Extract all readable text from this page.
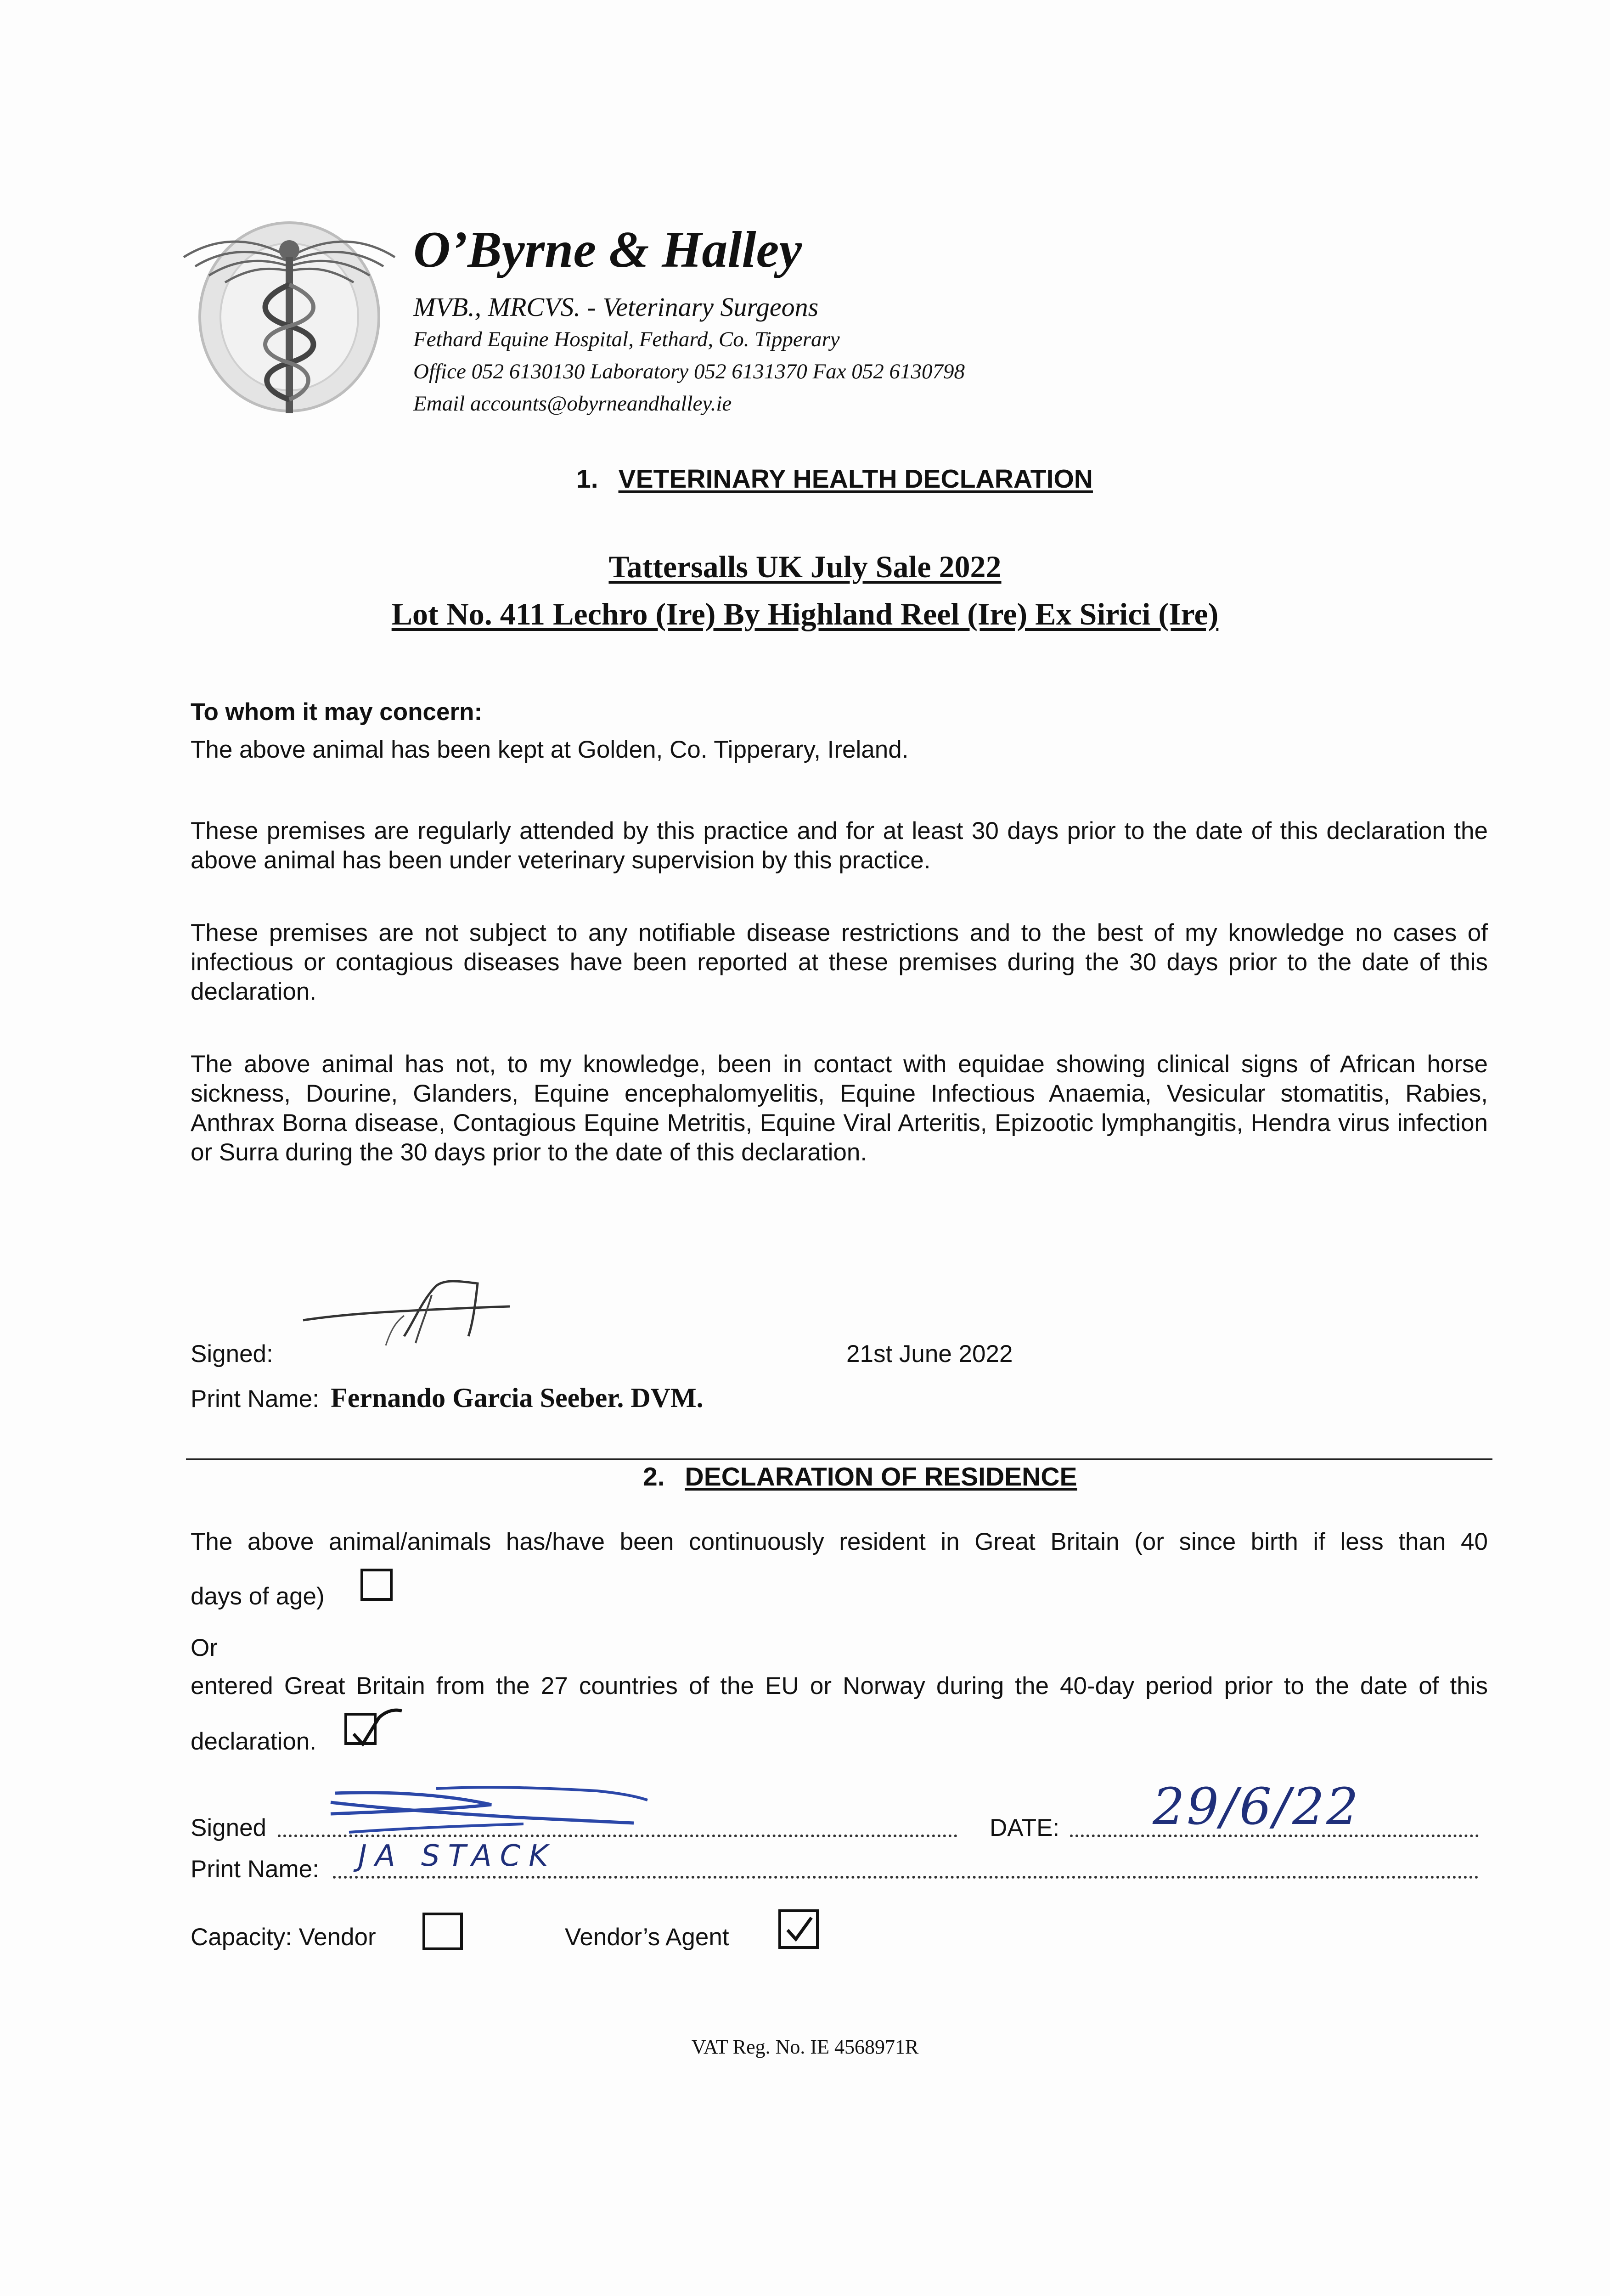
O’Byrne & Halley
MVB., MRCVS. - Veterinary Surgeons
Fethard Equine Hospital, Fethard, Co. Tipperary
Office 052 6130130 Laboratory 052 6131370 Fax 052 6130798
Email accounts@obyrneandhalley.ie
1. VETERINARY HEALTH DECLARATION
Tattersalls UK July Sale 2022
Lot No. 411 Lechro (Ire) By Highland Reel (Ire) Ex Sirici (Ire)
To whom it may concern:
The above animal has been kept at Golden, Co. Tipperary, Ireland.
These premises are regularly attended by this practice and for at least 30 days prior to the date of this declaration the above animal has been under veterinary supervision by this practice.
These premises are not subject to any notifiable disease restrictions and to the best of my knowledge no cases of infectious or contagious diseases have been reported at these premises during the 30 days prior to the date of this declaration.
The above animal has not, to my knowledge, been in contact with equidae showing clinical signs of African horse sickness, Dourine, Glanders, Equine encephalomyelitis, Equine Infectious Anaemia, Vesicular stomatitis, Rabies, Anthrax Borna disease, Contagious Equine Metritis, Equine Viral Arteritis, Epizootic lymphangitis, Hendra virus infection or Surra during the 30 days prior to the date of this declaration.
Signed:	21st June 2022
Print Name: Fernando Garcia Seeber. DVM.
2. DECLARATION OF RESIDENCE
The above animal/animals has/have been continuously resident in Great Britain (or since birth if less than 40
days of age)
Or
entered Great Britain from the 27 countries of the EU or Norway during the 40-day period prior to the date of this
declaration.
Signed	DATE: 29/6/22
Print Name: JA STACK
Capacity: Vendor	Vendor’s Agent
VAT Reg. No. IE 4568971R
